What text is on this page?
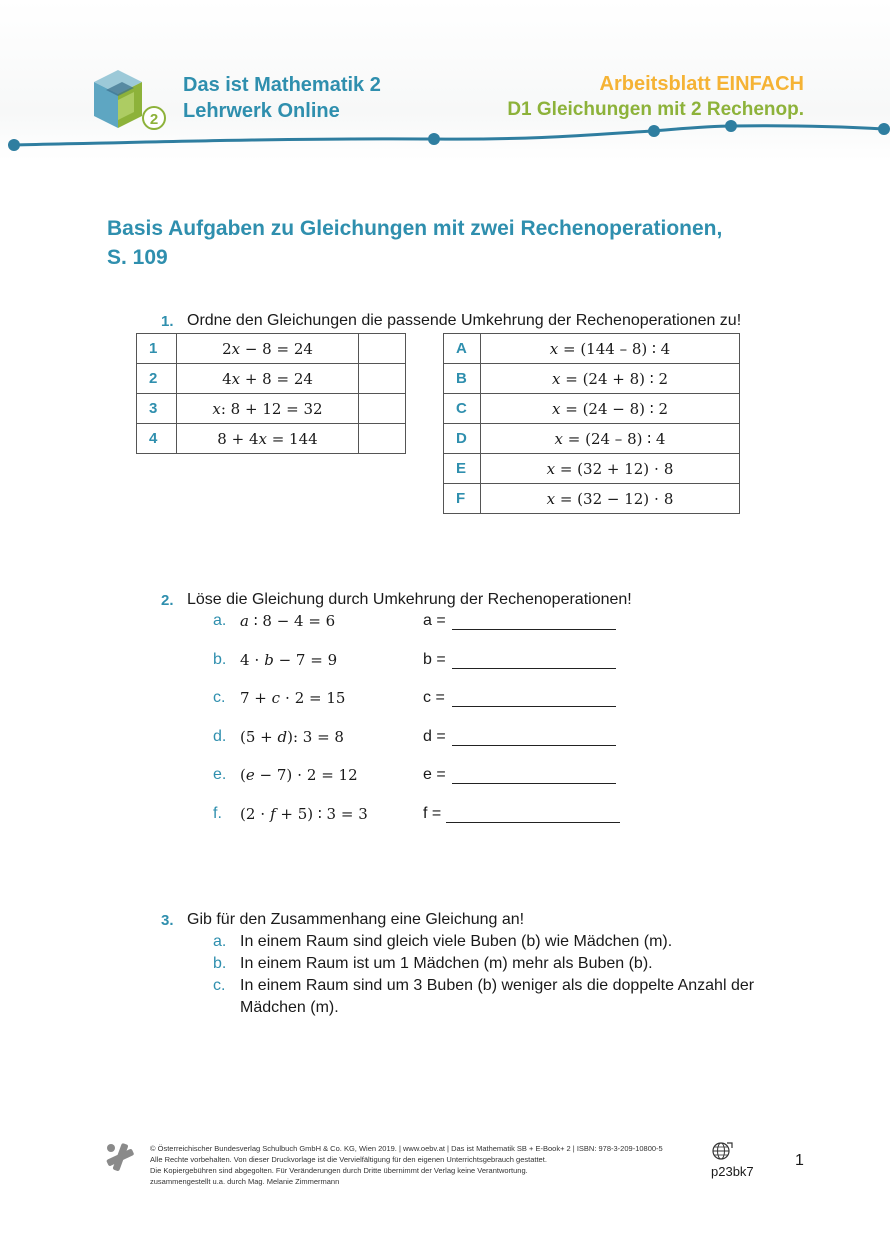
2
Das ist Mathematik 2
Lehrwerk Online
Arbeitsblatt EINFACH
D1 Gleichungen mit 2 Rechenop.
Basis Aufgaben zu Gleichungen mit zwei Rechenoperationen,
S. 109
1. Ordne den Gleichungen die passende Umkehrung der Rechenoperationen zu!
1	2𝑥 − 8 = 24	
2	4𝑥 + 8 = 24	
3	𝑥: 8 + 12 = 32	
4	8 + 4𝑥 = 144	
A	𝑥 = (144 – 8) ∶ 4
B	𝑥 = (24 + 8) ∶ 2
C	𝑥 = (24 − 8) ∶ 2
D	𝑥 = (24 – 8) ∶ 4
E	𝑥 = (32 + 12) ⋅ 8
F	𝑥 = (32 − 12) ⋅ 8
2. Löse die Gleichung durch Umkehrung der Rechenoperationen!
a. 𝑎 ∶ 8 − 4 = 6	a =
b. 4 ⋅ 𝑏 − 7 = 9	b =
c. 7 + 𝑐 ⋅ 2 = 15	c =
d. (5 + 𝑑): 3 = 8	d =
e. (𝑒 − 7) ⋅ 2 = 12	e =
f. (2 ⋅ 𝑓 + 5) ∶ 3 = 3	f =
3. Gib für den Zusammenhang eine Gleichung an!
a. In einem Raum sind gleich viele Buben (b) wie Mädchen (m).
b. In einem Raum ist um 1 Mädchen (m) mehr als Buben (b).
c. In einem Raum sind um 3 Buben (b) weniger als die doppelte Anzahl der Mädchen (m).
© Österreichischer Bundesverlag Schulbuch GmbH & Co. KG, Wien 2019. | www.oebv.at | Das ist Mathematik SB + E-Book+ 2 | ISBN: 978-3-209-10800-5
Alle Rechte vorbehalten. Von dieser Druckvorlage ist die Vervielfältigung für den eigenen Unterrichtsgebrauch gestattet.
Die Kopiergebühren sind abgegolten. Für Veränderungen durch Dritte übernimmt der Verlag keine Verantwortung.
zusammengestellt u.a. durch Mag. Melanie Zimmermann
p23bk7
1
